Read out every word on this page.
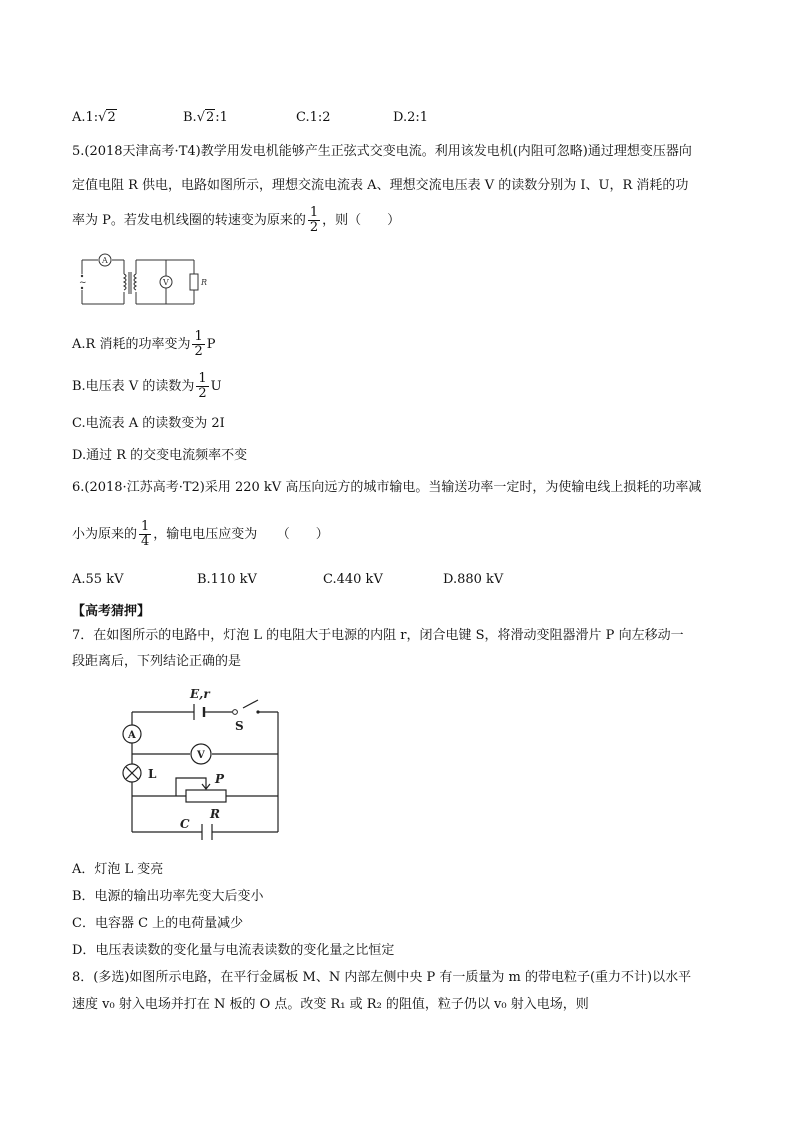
A.1:√2	B.√2:1	C.1:2	D.2:1
5.(2018天津高考·T4)教学用发电机能够产生正弦式交变电流。利用该发电机(内阻可忽略)通过理想变压器向
定值电阻 R 供电，电路如图所示，理想交流电流表 A、理想交流电压表 V 的读数分别为 I、U，R 消耗的功
率为 P。若发电机线圈的转速变为原来的 $\frac{1}{2}$ ，则（　　）
~
A
V	R
A.R 消耗的功率变为 $\frac{1}{2}$ P
B.电压表 V 的读数为 $\frac{1}{2}$ U
C.电流表 A 的读数变为 2I
D.通过 R 的交变电流频率不变
6.(2018·江苏高考·T2)采用 220 kV 高压向远方的城市输电。当输送功率一定时，为使输电线上损耗的功率减
小为原来的 $\frac{1}{4}$ ，输电电压应变为　　（　　）
A.55 kV	B.110 kV	C.440 kV	D.880 kV
【高考猜押】
7．在如图所示的电路中，灯泡 L 的电阻大于电源的内阻 r，闭合电键 S，将滑动变阻器滑片 P 向左移动一
段距离后，下列结论正确的是
E,r
S
A
V
L	P
R
C
A．灯泡 L 变亮
B．电源的输出功率先变大后变小
C．电容器 C 上的电荷量减少
D．电压表读数的变化量与电流表读数的变化量之比恒定
8．(多选)如图所示电路，在平行金属板 M、N 内部左侧中央 P 有一质量为 m 的带电粒子(重力不计)以水平
速度 v₀ 射入电场并打在 N 板的 O 点。改变 R₁ 或 R₂ 的阻值，粒子仍以 v₀ 射入电场，则
